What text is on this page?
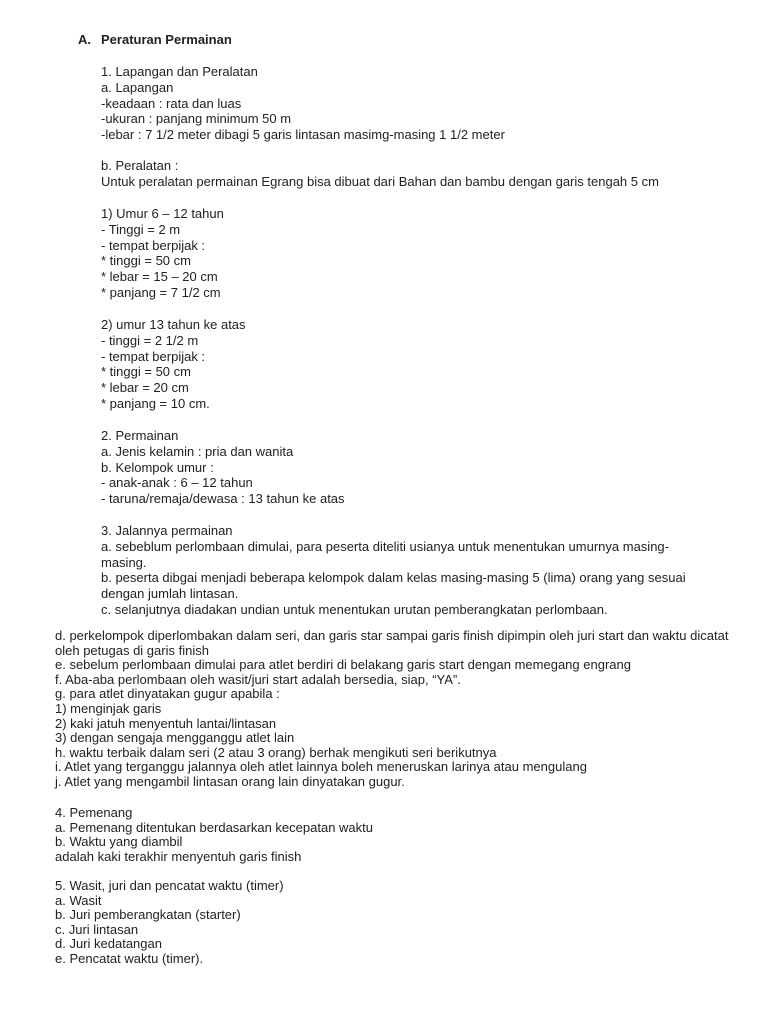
A. Peraturan Permainan

1. Lapangan dan Peralatan

a. Lapangan

-keadaan : rata dan luas

-ukuran : panjang minimum 50 m

-lebar : 7 1/2 meter dibagi 5 garis lintasan masimg-masing 1 1/2 meter

b. Peralatan :

Untuk peralatan permainan Egrang bisa dibuat dari Bahan dan bambu dengan garis tengah 5 cm

1) Umur 6 – 12 tahun

- Tinggi = 2 m

- tempat berpijak :

* tinggi = 50 cm

* lebar = 15 – 20 cm

* panjang = 7 1/2 cm

2) umur 13 tahun ke atas

- tinggi = 2 1/2 m

- tempat berpijak :

* tinggi = 50 cm

* lebar = 20 cm

* panjang = 10 cm.

2. Permainan

a. Jenis kelamin : pria dan wanita

b. Kelompok umur :

- anak-anak : 6 – 12 tahun

- taruna/remaja/dewasa : 13 tahun ke atas

3. Jalannya permainan

a. sebeblum perlombaan dimulai, para peserta diteliti usianya untuk menentukan umurnya masing-masing.

b. peserta dibgai menjadi beberapa kelompok dalam kelas masing-masing 5 (lima) orang yang sesuai dengan jumlah lintasan.

c. selanjutnya diadakan undian untuk menentukan urutan pemberangkatan perlombaan.

d. perkelompok diperlombakan dalam seri, dan garis star sampai garis finish dipimpin oleh juri start dan waktu dicatat oleh petugas di garis finish

e. sebelum perlombaan dimulai para atlet berdiri di belakang garis start dengan memegang engrang

f. Aba-aba perlombaan oleh wasit/juri start adalah bersedia, siap, “YA”.

g. para atlet dinyatakan gugur apabila :

1) menginjak garis

2) kaki jatuh menyentuh lantai/lintasan

3) dengan sengaja mengganggu atlet lain

h. waktu terbaik dalam seri (2 atau 3 orang) berhak mengikuti seri berikutnya

i. Atlet yang terganggu jalannya oleh atlet lainnya boleh meneruskan larinya atau mengulang

j. Atlet yang mengambil lintasan orang lain dinyatakan gugur.

4. Pemenang

a. Pemenang ditentukan berdasarkan kecepatan waktu

b. Waktu yang diambil

adalah kaki terakhir menyentuh garis finish

5. Wasit, juri dan pencatat waktu (timer)

a. Wasit

b. Juri pemberangkatan (starter)

c. Juri lintasan

d. Juri kedatangan

e. Pencatat waktu (timer).
